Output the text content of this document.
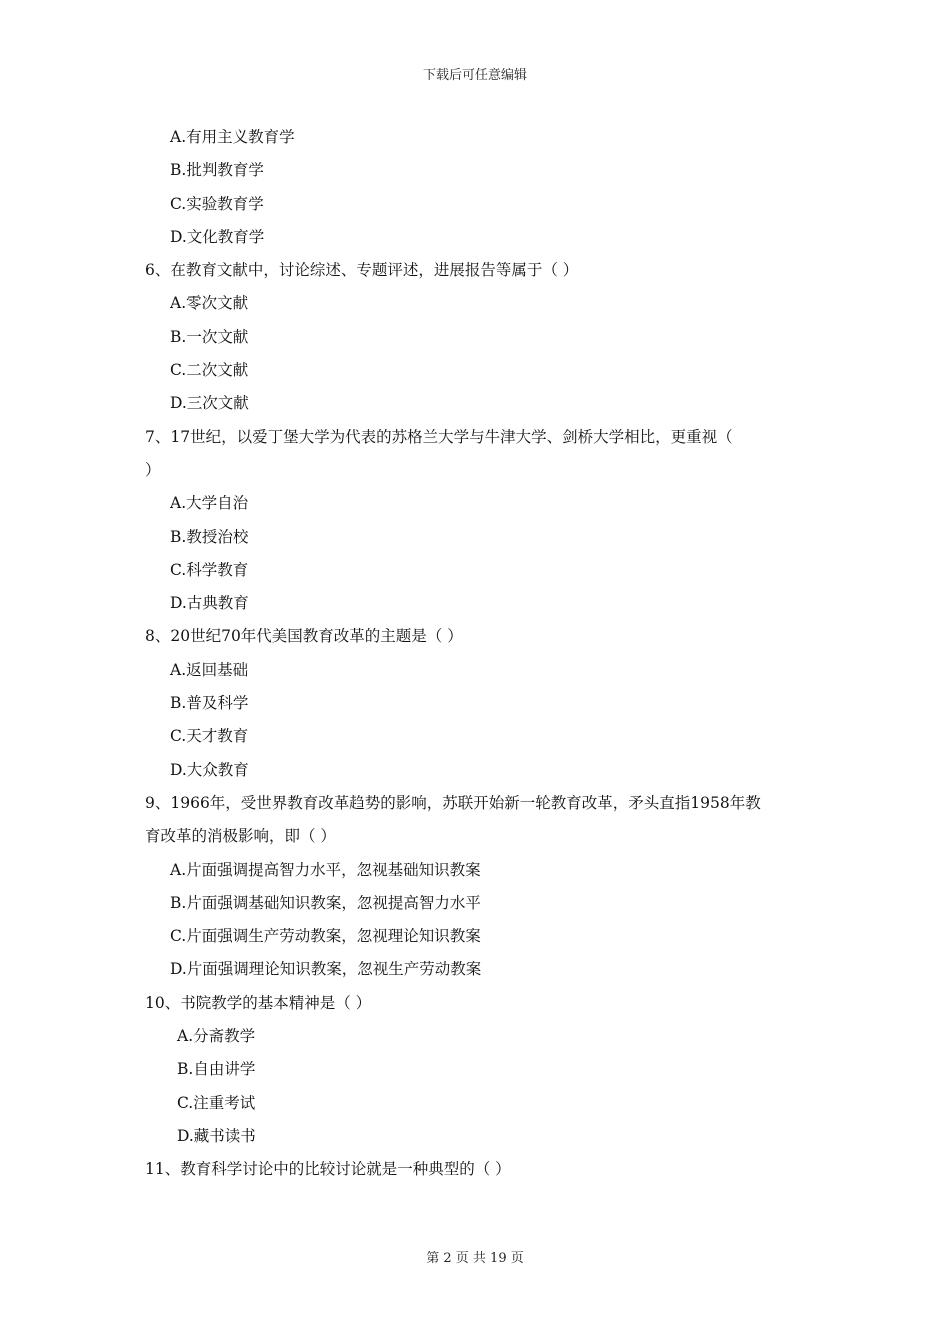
下载后可任意编辑
A.有用主义教育学
B.批判教育学
C.实验教育学
D.文化教育学
6、在教育文献中，讨论综述、专题评述，进展报告等属于（ ）
A.零次文献
B.一次文献
C.二次文献
D.三次文献
7、17世纪，以爱丁堡大学为代表的苏格兰大学与牛津大学、剑桥大学相比，更重视（
）
A.大学自治
B.教授治校
C.科学教育
D.古典教育
8、20世纪70年代美国教育改革的主题是（ ）
A.返回基础
B.普及科学
C.天才教育
D.大众教育
9、1966年，受世界教育改革趋势的影响，苏联开始新一轮教育改革，矛头直指1958年教
育改革的消极影响，即（ ）
A.片面强调提高智力水平，忽视基础知识教案
B.片面强调基础知识教案，忽视提高智力水平
C.片面强调生产劳动教案，忽视理论知识教案
D.片面强调理论知识教案，忽视生产劳动教案
10、书院教学的基本精神是（ ）
A.分斋教学
B.自由讲学
C.注重考试
D.藏书读书
11、教育科学讨论中的比较讨论就是一种典型的（ ）
第 2 页 共 19 页
